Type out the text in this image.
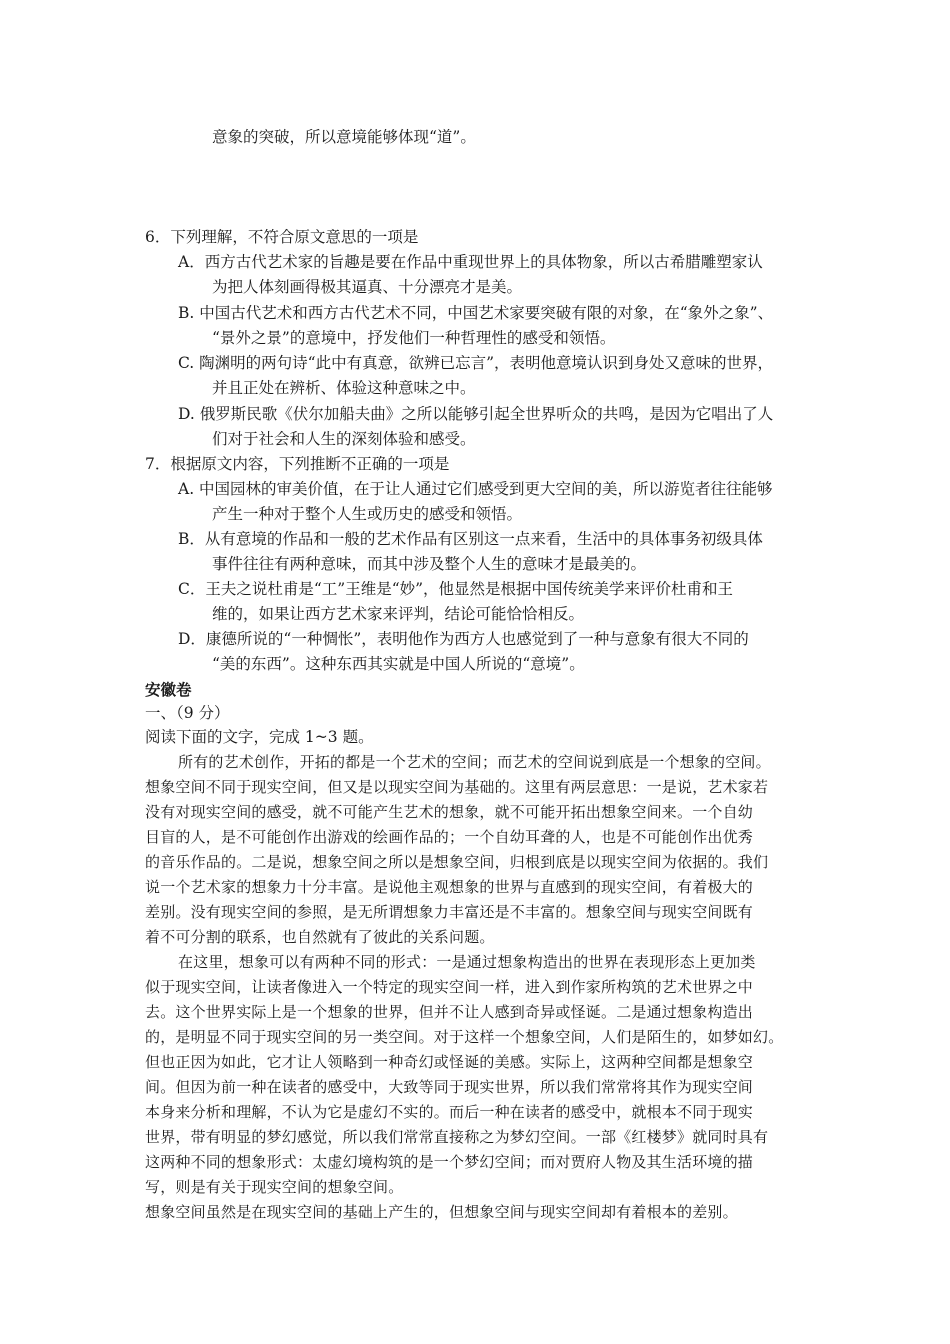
意象的突破，所以意境能够体现“道”。
6．下列理解，不符合原文意思的一项是
A．西方古代艺术家的旨趣是要在作品中重现世界上的具体物象，所以古希腊雕塑家认
为把人体刻画得极其逼真、十分漂亮才是美。
B. 中国古代艺术和西方古代艺术不同，中国艺术家要突破有限的对象，在“象外之象”、
“景外之景”的意境中，抒发他们一种哲理性的感受和领悟。
C. 陶渊明的两句诗“此中有真意，欲辨已忘言”，表明他意境认识到身处又意味的世界，
并且正处在辨析、体验这种意味之中。
D. 俄罗斯民歌《伏尔加船夫曲》之所以能够引起全世界听众的共鸣，是因为它唱出了人
们对于社会和人生的深刻体验和感受。
7．根据原文内容，下列推断不正确的一项是
A. 中国园林的审美价值，在于让人通过它们感受到更大空间的美，所以游览者往往能够
产生一种对于整个人生或历史的感受和领悟。
B．从有意境的作品和一般的艺术作品有区别这一点来看，生活中的具体事务初级具体
事件往往有两种意味，而其中涉及整个人生的意味才是最美的。
C．王夫之说杜甫是“工”王维是“妙”，他显然是根据中国传统美学来评价杜甫和王
维的，如果让西方艺术家来评判，结论可能恰恰相反。
D．康德所说的“一种惆怅”，表明他作为西方人也感觉到了一种与意象有很大不同的
“美的东西”。这种东西其实就是中国人所说的“意境”。
安徽卷
一、（9 分）
阅读下面的文字，完成 1~3 题。
所有的艺术创作，开拓的都是一个艺术的空间；而艺术的空间说到底是一个想象的空间。
想象空间不同于现实空间，但又是以现实空间为基础的。这里有两层意思：一是说，艺术家若
没有对现实空间的感受，就不可能产生艺术的想象，就不可能开拓出想象空间来。一个自幼
目盲的人，是不可能创作出游戏的绘画作品的；一个自幼耳聋的人，也是不可能创作出优秀
的音乐作品的。二是说，想象空间之所以是想象空间，归根到底是以现实空间为依据的。我们
说一个艺术家的想象力十分丰富。是说他主观想象的世界与直感到的现实空间，有着极大的
差别。没有现实空间的参照，是无所谓想象力丰富还是不丰富的。想象空间与现实空间既有
着不可分割的联系，也自然就有了彼此的关系问题。
在这里，想象可以有两种不同的形式：一是通过想象构造出的世界在表现形态上更加类
似于现实空间，让读者像进入一个特定的现实空间一样，进入到作家所构筑的艺术世界之中
去。这个世界实际上是一个想象的世界，但并不让人感到奇异或怪诞。二是通过想象构造出
的，是明显不同于现实空间的另一类空间。对于这样一个想象空间，人们是陌生的，如梦如幻。
但也正因为如此，它才让人领略到一种奇幻或怪诞的美感。实际上，这两种空间都是想象空
间。但因为前一种在读者的感受中，大致等同于现实世界，所以我们常常将其作为现实空间
本身来分析和理解，不认为它是虚幻不实的。而后一种在读者的感受中，就根本不同于现实
世界，带有明显的梦幻感觉，所以我们常常直接称之为梦幻空间。一部《红楼梦》就同时具有
这两种不同的想象形式：太虚幻境构筑的是一个梦幻空间；而对贾府人物及其生活环境的描
写，则是有关于现实空间的想象空间。
想象空间虽然是在现实空间的基础上产生的，但想象空间与现实空间却有着根本的差别。
